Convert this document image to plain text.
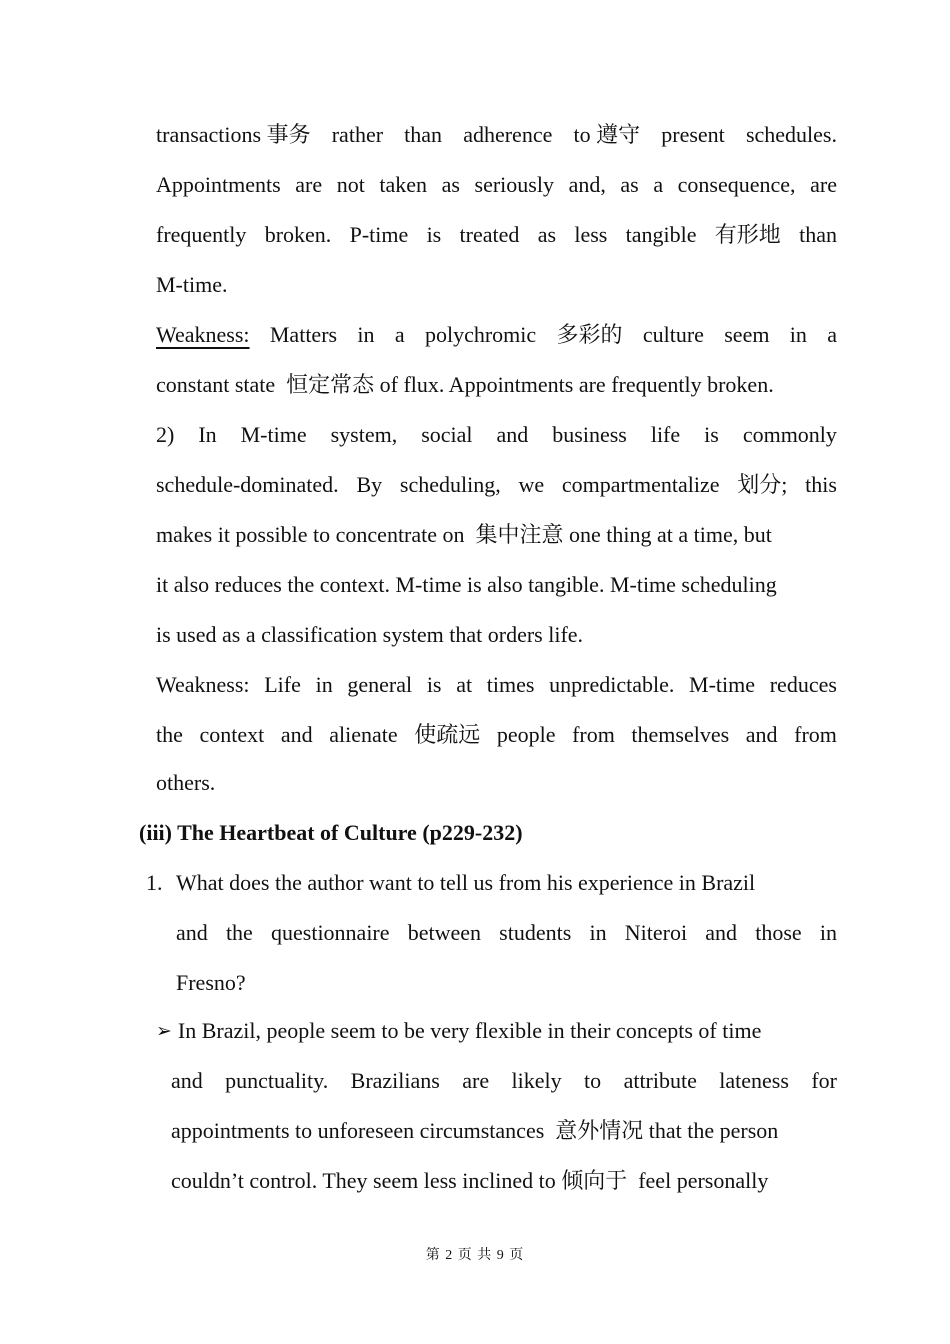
transactions 事务 rather than adherence to 遵守 present schedules.
Appointments are not taken as seriously and, as a consequence, are
frequently broken. P-time is treated as less tangible 有形地 than
M-time.
Weakness: Matters in a polychromic 多彩的 culture seem in a
constant state  恒定常态 of flux. Appointments are frequently broken.
2) In M-time system, social and business life is commonly
schedule-dominated. By scheduling, we compartmentalize 划分; this
makes it possible to concentrate on  集中注意 one thing at a time, but
it also reduces the context. M-time is also tangible. M-time scheduling
is used as a classification system that orders life.
Weakness: Life in general is at times unpredictable. M-time reduces
the context and alienate 使疏远 people from themselves and from
others.
(iii) The Heartbeat of Culture (p229-232)
1. What does the author want to tell us from his experience in Brazil
and the questionnaire between students in Niteroi and those in
Fresno?
➢ In Brazil, people seem to be very flexible in their concepts of time
and punctuality. Brazilians are likely to attribute lateness for
appointments to unforeseen circumstances  意外情况 that the person
couldn’t control. They seem less inclined to 倾向于  feel personally
第 2 页 共 9 页
